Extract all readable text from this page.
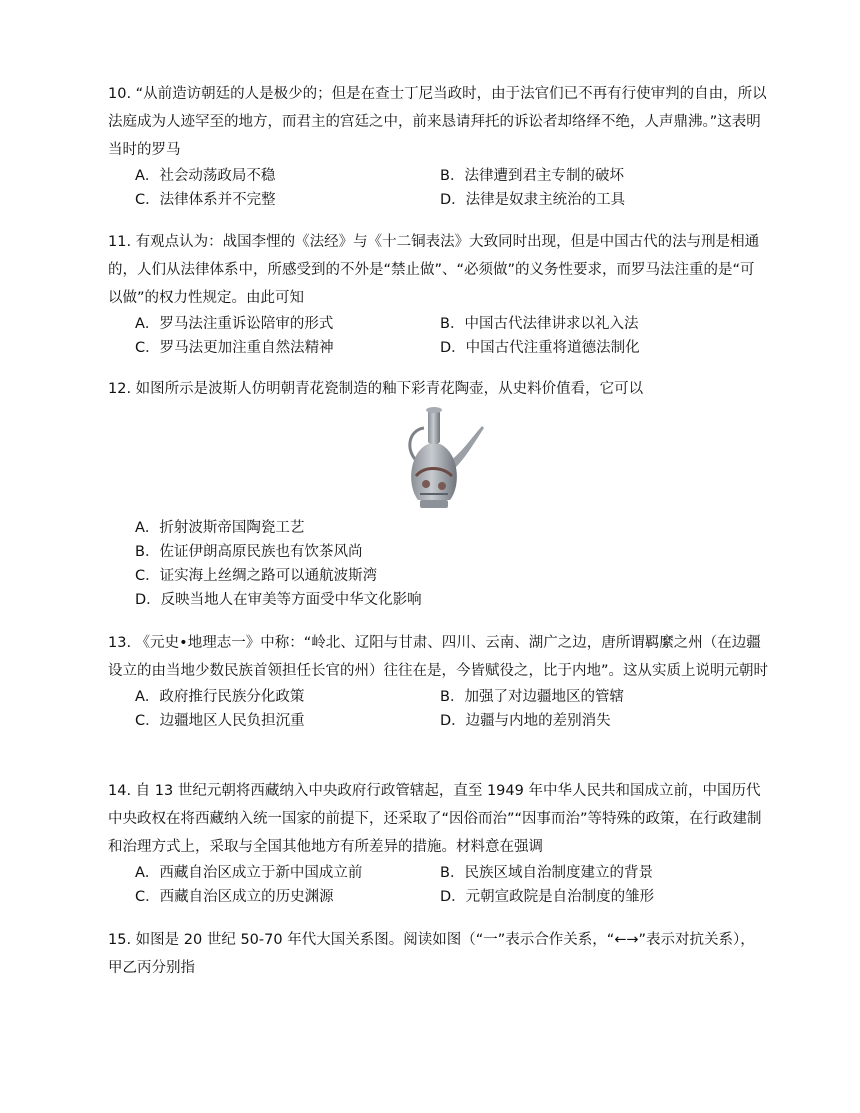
10. “从前造访朝廷的人是极少的；但是在查士丁尼当政时，由于法官们已不再有行使审判的自由，所以法庭成为人迹罕至的地方，而君主的宫廷之中，前来恳请拜托的诉讼者却络绎不绝，人声鼎沸。”这表明当时的罗马
A．社会动荡政局不稳	B．法律遭到君主专制的破坏
C．法律体系并不完整	D．法律是奴隶主统治的工具
11. 有观点认为：战国李悝的《法经》与《十二铜表法》大致同时出现，但是中国古代的法与刑是相通的，人们从法律体系中，所感受到的不外是“禁止做”、“必须做”的义务性要求，而罗马法注重的是“可以做”的权力性规定。由此可知
A．罗马法注重诉讼陪审的形式	B．中国古代法律讲求以礼入法
C．罗马法更加注重自然法精神	D．中国古代注重将道德法制化
12. 如图所示是波斯人仿明朝青花瓷制造的釉下彩青花陶壶，从史料价值看，它可以
A．折射波斯帝国陶瓷工艺
B．佐证伊朗高原民族也有饮茶风尚
C．证实海上丝绸之路可以通航波斯湾
D．反映当地人在审美等方面受中华文化影响
13. 《元史•地理志一》中称：“岭北、辽阳与甘肃、四川、云南、湖广之边，唐所谓羁縻之州（在边疆设立的由当地少数民族首领担任长官的州）往往在是，今皆赋役之，比于内地”。这从实质上说明元朝时
A．政府推行民族分化政策	B．加强了对边疆地区的管辖
C．边疆地区人民负担沉重	D．边疆与内地的差别消失
14. 自 13 世纪元朝将西藏纳入中央政府行政管辖起，直至 1949 年中华人民共和国成立前，中国历代中央政权在将西藏纳入统一国家的前提下，还采取了“因俗而治”“因事而治”等特殊的政策，在行政建制和治理方式上，采取与全国其他地方有所差异的措施。材料意在强调
A．西藏自治区成立于新中国成立前	B．民族区域自治制度建立的背景
C．西藏自治区成立的历史渊源	D．元朝宣政院是自治制度的雏形
15. 如图是 20 世纪 50-70 年代大国关系图。阅读如图（“一”表示合作关系，“←→”表示对抗关系），甲乙丙分别指
